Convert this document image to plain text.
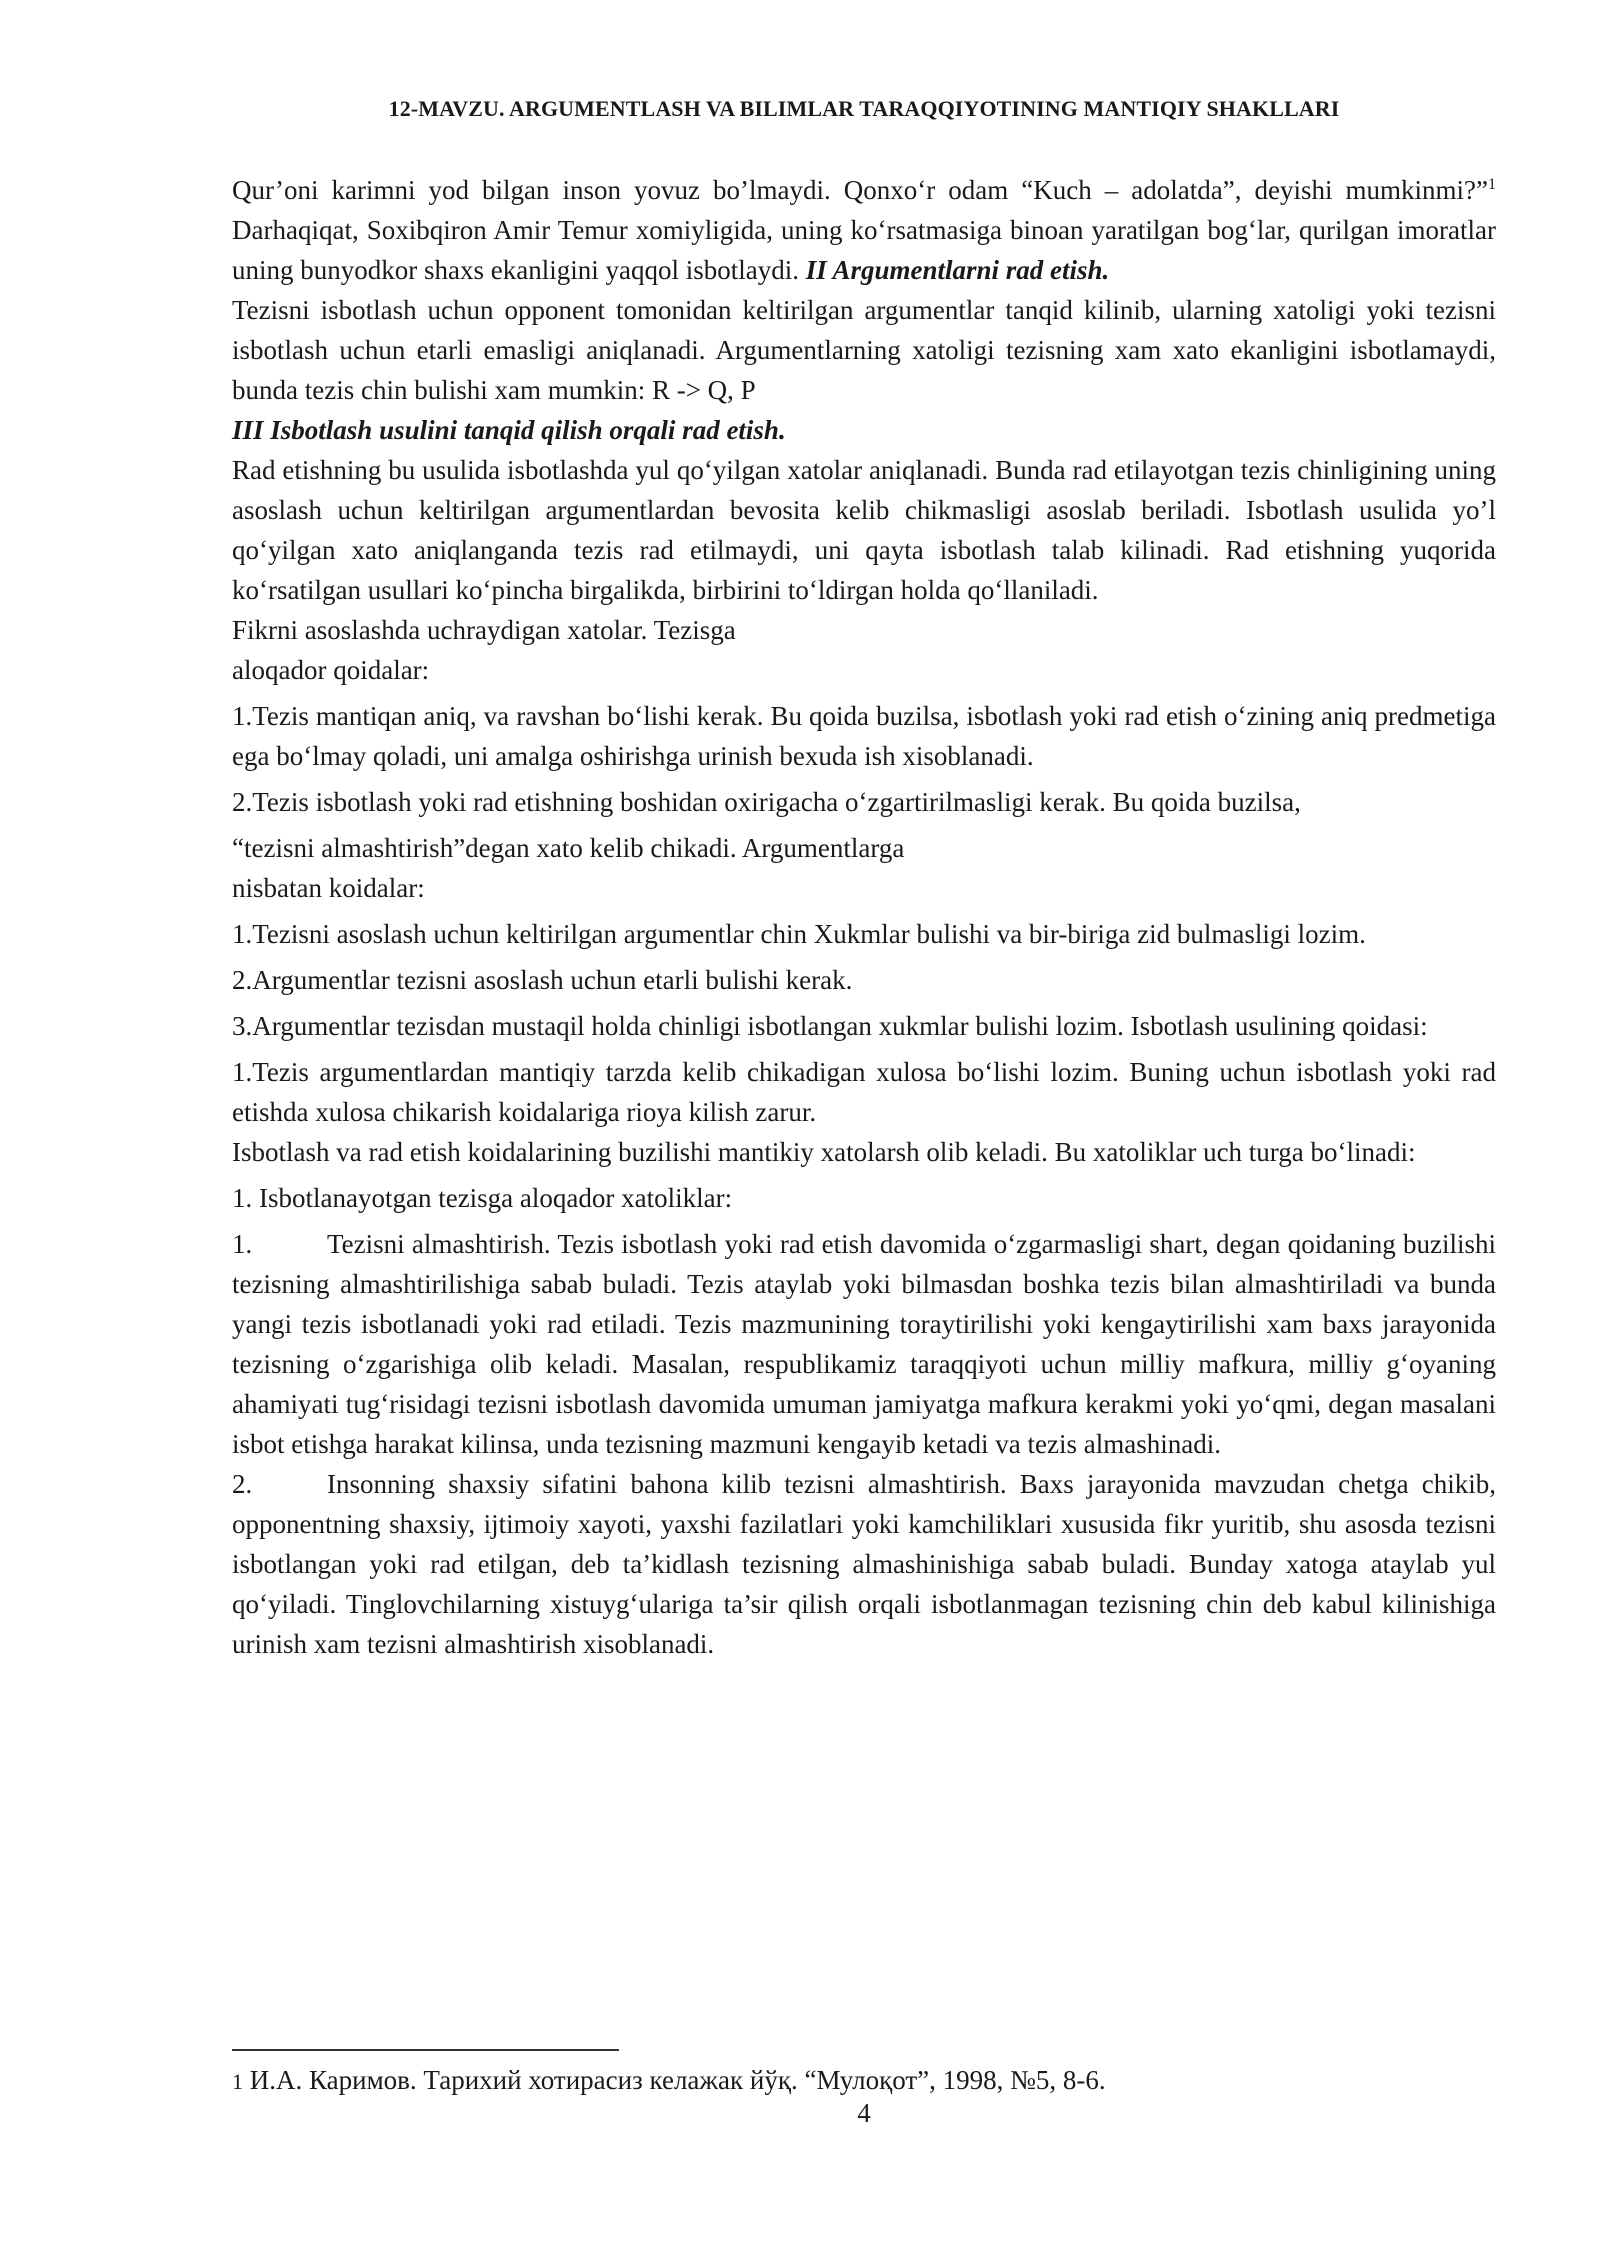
12-MAVZU. ARGUMENTLASH VA BILIMLAR TARAQQIYOTINING MANTIQIY SHAKLLARI

Qur’oni karimni yod bilgan inson yovuz bo’lmaydi. Qonxo‘r odam “Kuch – adolatda”, deyishi mumkinmi?”$^1$ Darhaqiqat, Soxibqiron Amir Temur xomiyligida, uning ko‘rsatmasiga binoan yaratilgan bog‘lar, qurilgan imoratlar uning bunyodkor shaxs ekanligini yaqqol isbotlaydi. II Argumentlarni rad etish.

Tezisni isbotlash uchun opponent tomonidan keltirilgan argumentlar tanqid kilinib, ularning xatoligi yoki tezisni isbotlash uchun etarli emasligi aniqlanadi. Argumentlarning xatoligi tezisning xam xato ekanligini isbotlamaydi, bunda tezis chin bulishi xam mumkin: R -> Q, P

III Isbotlash usulini tanqid qilish orqali rad etish.

Rad etishning bu usulida isbotlashda yul qo‘yilgan xatolar aniqlanadi. Bunda rad etilayotgan tezis chinligining uning asoslash uchun keltirilgan argumentlardan bevosita kelib chikmasligi asoslab beriladi. Isbotlash usulida yo’l qo‘yilgan xato aniqlanganda tezis rad etilmaydi, uni qayta isbotlash talab kilinadi. Rad etishning yuqorida ko‘rsatilgan usullari ko‘pincha birgalikda, birbirini to‘ldirgan holda qo‘llaniladi.

Fikrni asoslashda uchraydigan xatolar. Tezisga

aloqador qoidalar:

1.Tezis mantiqan aniq, va ravshan bo‘lishi kerak. Bu qoida buzilsa, isbotlash yoki rad etish o‘zining aniq predmetiga ega bo‘lmay qoladi, uni amalga oshirishga urinish bexuda ish xisoblanadi.

2.Tezis isbotlash yoki rad etishning boshidan oxirigacha o‘zgartirilmasligi kerak. Bu qoida buzilsa,

“tezisni almashtirish”degan xato kelib chikadi. Argumentlarga

nisbatan koidalar:

1.Tezisni asoslash uchun keltirilgan argumentlar chin Xukmlar bulishi va bir-biriga zid bulmasligi lozim.

2.Argumentlar tezisni asoslash uchun etarli bulishi kerak.

3.Argumentlar tezisdan mustaqil holda chinligi isbotlangan xukmlar bulishi lozim. Isbotlash usulining qoidasi:

1.Tezis argumentlardan mantiqiy tarzda kelib chikadigan xulosa bo‘lishi lozim. Buning uchun isbotlash yoki rad etishda xulosa chikarish koidalariga rioya kilish zarur.

Isbotlash va rad etish koidalarining buzilishi mantikiy xatolarsh olib keladi. Bu xatoliklar uch turga bo‘linadi:

1. Isbotlanayotgan tezisga aloqador xatoliklar:

1.	Tezisni almashtirish. Tezis isbotlash yoki rad etish davomida o‘zgarmasligi shart, degan qoidaning buzilishi tezisning almashtirilishiga sabab buladi. Tezis ataylab yoki bilmasdan boshka tezis bilan almashtiriladi va bunda yangi tezis isbotlanadi yoki rad etiladi. Tezis mazmunining toraytirilishi yoki kengaytirilishi xam baxs jarayonida tezisning o‘zgarishiga olib keladi. Masalan, respublikamiz taraqqiyoti uchun milliy mafkura, milliy g‘oyaning ahamiyati tug‘risidagi tezisni isbotlash davomida umuman jamiyatga mafkura kerakmi yoki yo‘qmi, degan masalani isbot etishga harakat kilinsa, unda tezisning mazmuni kengayib ketadi va tezis almashinadi.

2.	Insonning shaxsiy sifatini bahona kilib tezisni almashtirish. Baxs jarayonida mavzudan chetga chikib, opponentning shaxsiy, ijtimoiy xayoti, yaxshi fazilatlari yoki kamchiliklari xususida fikr yuritib, shu asosda tezisni isbotlangan yoki rad etilgan, deb ta’kidlash tezisning almashinishiga sabab buladi. Bunday xatoga ataylab yul qo‘yiladi. Tinglovchilarning xistuyg‘ulariga ta’sir qilish orqali isbotlanmagan tezisning chin deb kabul kilinishiga urinish xam tezisni almashtirish xisoblanadi.

1 И.А. Каримов. Тарихий хотирасиз келажак йўқ. “Мулоқот”, 1998, №5, 8-6.
4
